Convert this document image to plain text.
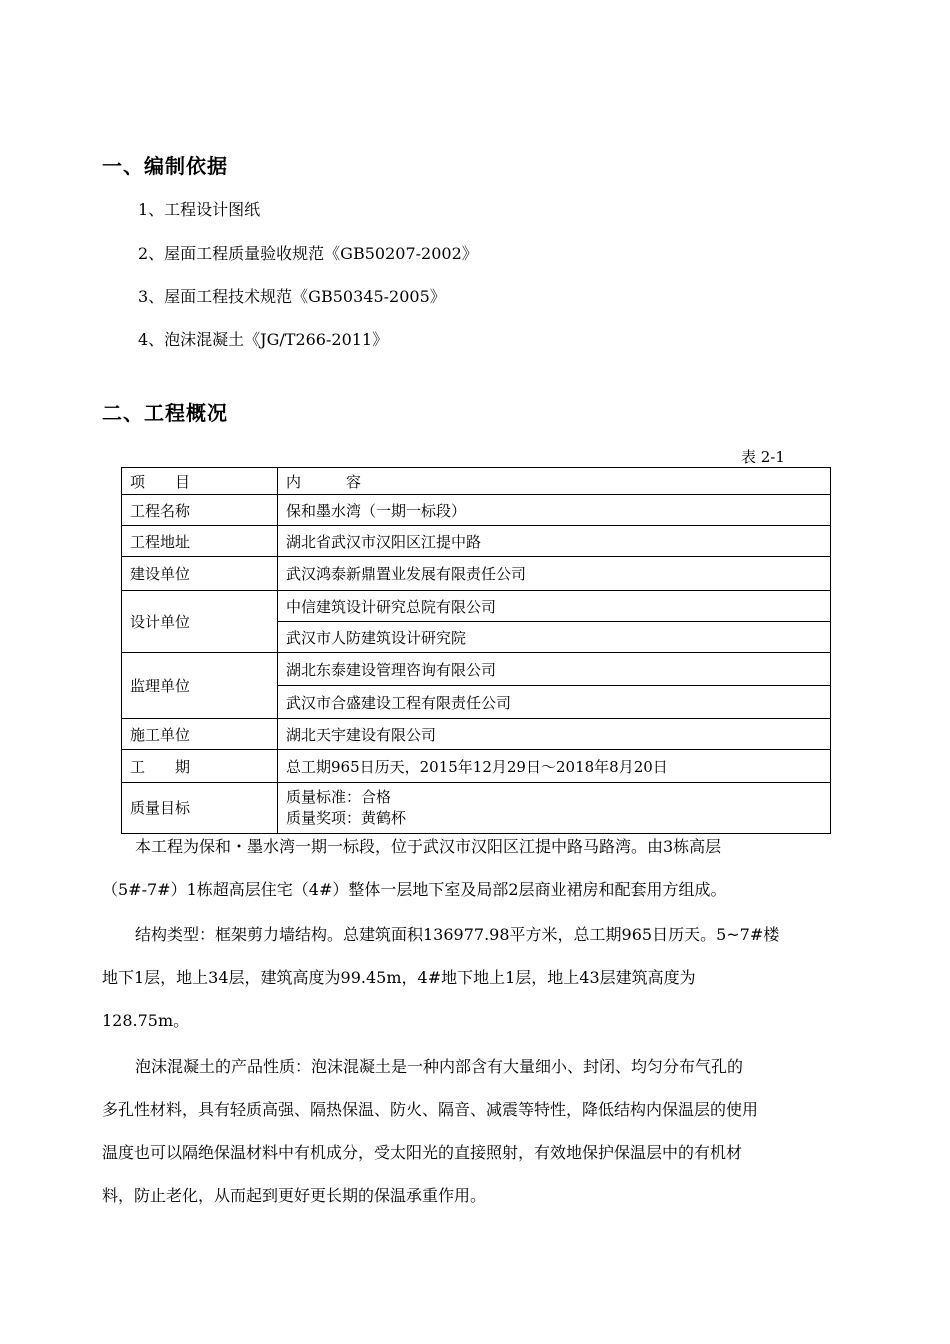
一、编制依据
1、工程设计图纸
2、屋面工程质量验收规范《GB50207-2002》
3、屋面工程技术规范《GB50345-2005》
4、泡沫混凝土《JG/T266-2011》
二、工程概况
表 2-1
项　　目	内　　　容
工程名称	保和墨水湾（一期一标段）
工程地址	湖北省武汉市汉阳区江提中路
建设单位	武汉鸿泰新鼎置业发展有限责任公司
设计单位	中信建筑设计研究总院有限公司
	武汉市人防建筑设计研究院
监理单位	湖北东泰建设管理咨询有限公司
	武汉市合盛建设工程有限责任公司
施工单位	湖北天宇建设有限公司
工　　期	总工期965日历天，2015年12月29日～2018年8月20日
质量目标	质量标准：合格
质量奖项：黄鹤杯
本工程为保和・墨水湾一期一标段，位于武汉市汉阳区江提中路马路湾。由3栋高层
（5#-7#）1栋超高层住宅（4#）整体一层地下室及局部2层商业裙房和配套用方组成。
结构类型：框架剪力墙结构。总建筑面积136977.98平方米，总工期965日历天。5~7#楼
地下1层，地上34层，建筑高度为99.45m，4#地下地上1层，地上43层建筑高度为
128.75m。
泡沫混凝土的产品性质：泡沫混凝土是一种内部含有大量细小、封闭、均匀分布气孔的
多孔性材料，具有轻质高强、隔热保温、防火、隔音、减震等特性，降低结构内保温层的使用
温度也可以隔绝保温材料中有机成分，受太阳光的直接照射，有效地保护保温层中的有机材
料，防止老化，从而起到更好更长期的保温承重作用。
